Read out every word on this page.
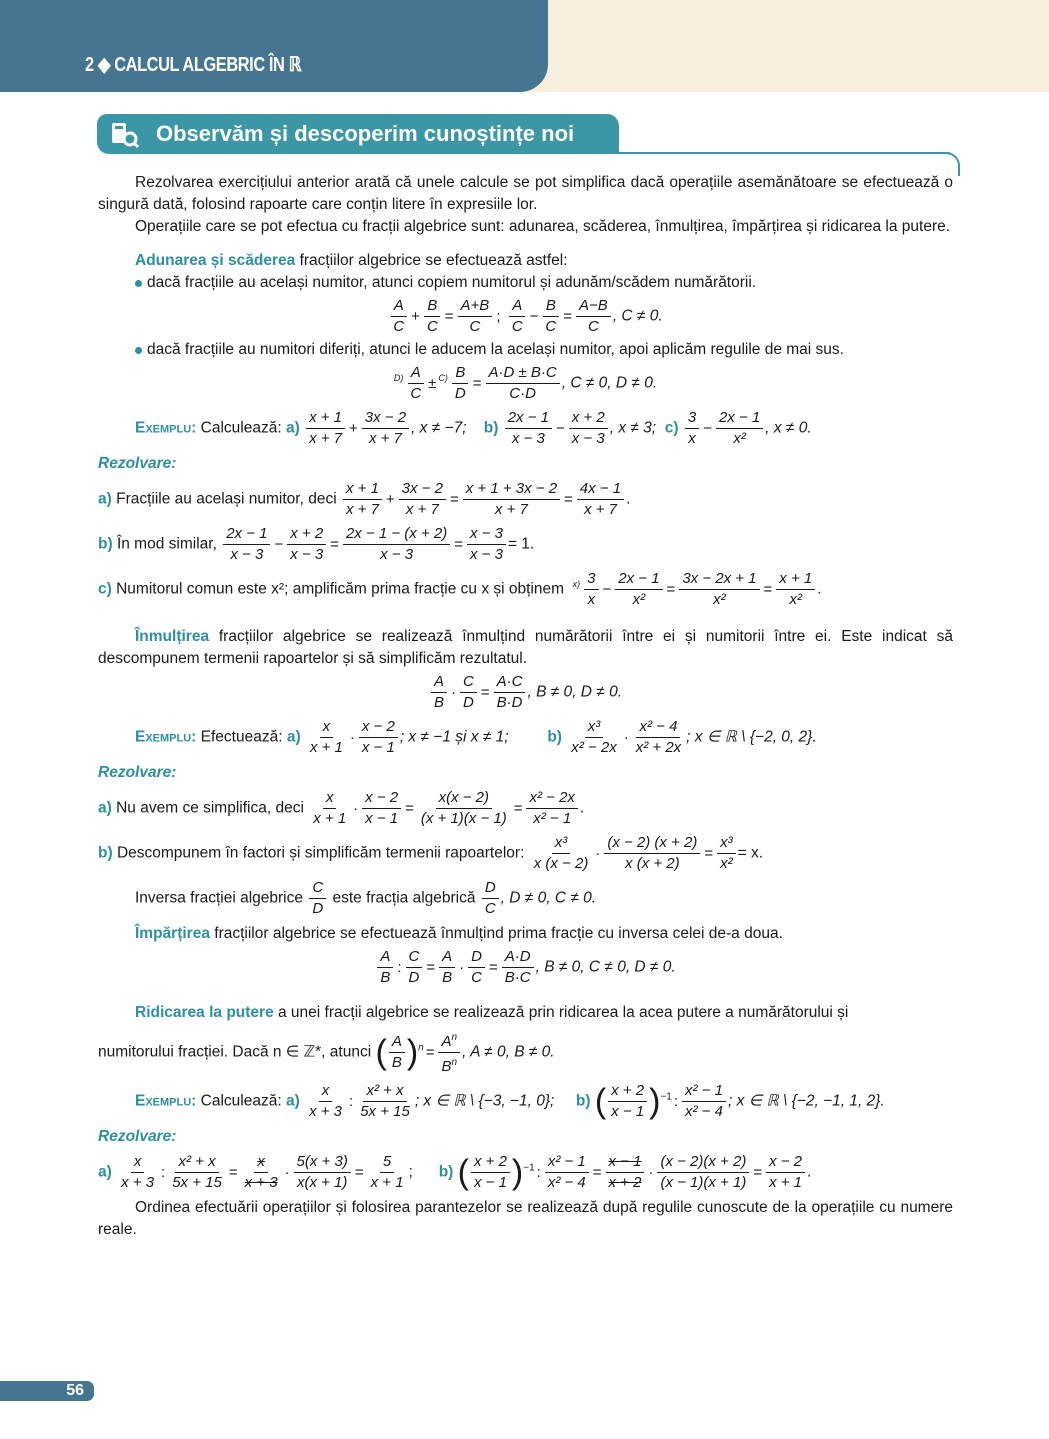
2 ◆ CALCUL ALGEBRIC ÎN ℝ
Observăm și descoperim cunoștințe noi

Rezolvarea exercițiului anterior arată că unele calcule se pot simplifica dacă operațiile asemănătoare se efectuează o singură dată, folosind rapoarte care conțin litere în expresiile lor.

Operațiile care se pot efectua cu fracții algebrice sunt: adunarea, scăderea, înmulțirea, împărțirea și ridicarea la putere.

Adunarea și scăderea fracțiilor algebrice se efectuează astfel:

dacă fracțiile au același numitor, atunci copiem numitorul și adunăm/scădem numărătorii.
$\frac{A}{C} + \frac{B}{C} = \frac{A+B}{C}$ ; $\frac{A}{C} - \frac{B}{C} = \frac{A-B}{C}$ , C ≠ 0.
dacă fracțiile au numitori diferiți, atunci le aducem la același numitor, apoi aplicăm regulile de mai sus.
$^{D)} \frac{A}{C} \pm ^{C)} \frac{B}{D} = \frac{A\cdot D \pm B\cdot C}{C\cdot D}$ , C ≠ 0, D ≠ 0.
Exemplu: Calculează: $a) \frac{x + 1}{x + 7} + \frac{3x - 2}{x + 7}$ , x ≠ −7; $b) \frac{2x - 1}{x - 3} - \frac{x + 2}{x - 3}$ , x ≠ 3; $c) \frac{3}{x} - \frac{2x - 1}{\text{x²}}$ , x ≠ 0.
Rezolvare:
a) Fracțiile au același numitor, deci $\frac{x + 1}{x + 7} + \frac{3x - 2}{x + 7} = \frac{x + 1 + 3x - 2}{x + 7} = \frac{4x - 1}{x + 7}$ .
b) În mod similar, $\frac{2x - 1}{x - 3} - \frac{x + 2}{x - 3} = \frac{2x - 1 - (x + 2)}{x - 3} = \frac{x - 3}{x - 3} = 1$.
c) Numitorul comun este x²; amplificăm prima fracție cu x și obținem $^{x)} \frac{3}{x} - \frac{2x - 1}{\text{x²}} = \frac{3x - 2x + 1}{\text{x²}} = \frac{x + 1}{\text{x²}}$ .

Înmulțirea fracțiilor algebrice se realizează înmulțind numărătorii între ei și numitorii între ei. Este indicat să descompunem termenii rapoartelor și să simplificăm rezultatul.

$\frac{A}{B} \cdot \frac{C}{D} = \frac{A\cdot C}{B\cdot D}$ , B ≠ 0, D ≠ 0.
Exemplu: Efectuează: $a) \frac{x}{x + 1} \cdot \frac{x - 2}{x - 1}$ ; x ≠ −1 și x ≠ 1;	$b) \frac{\text{x³}}{\text{x² − 2x}} \cdot \frac{\text{x² − 4}}{\text{x² + 2x}}$ ; x ∈ ℝ \ {−2, 0, 2}.
Rezolvare:
a) Nu avem ce simplifica, deci $\frac{x}{x + 1} \cdot \frac{x - 2}{x - 1} = \frac{x(x - 2)}{(x + 1)(x - 1)} = \frac{\text{x² − 2x}}{\text{x² − 1}}$ .
b) Descompunem în factori și simplificăm termenii rapoartelor: $\frac{\text{x³}}{x (x - 2)} \cdot \frac{(x - 2) (x + 2)}{x (x + 2)} = \frac{\text{x³}}{\text{x²}} = x$.
Inversa fracției algebrice $\frac{C}{D}$ este fracția algebrică $\frac{D}{C}$ , D ≠ 0, C ≠ 0.

Împărțirea fracțiilor algebrice se efectuează înmulțind prima fracție cu inversa celei de-a doua.

$\frac{A}{B}$ : $\frac{C}{D} = \frac{A}{B} \cdot \frac{D}{C} = \frac{A\cdot D}{B\cdot C}$ , B ≠ 0, C ≠ 0, D ≠ 0.

Ridicarea la putere a unei fracții algebrice se realizează prin ridicarea la acea putere a numărătorului și

numitorului fracției. Dacă n ∈ ℤ*, atunci ( $\frac{A}{B} )^n = \frac{A^n}{B^n}$ , A ≠ 0, B ≠ 0.
Exemplu: Calculează: $a) \frac{x}{x + 3}$ : $\frac{\text{x² + x}}{5x + 15}$ ; x ∈ ℝ \ {−3, −1, 0}; b) ( $\frac{x + 2}{x - 1} )^{-1}$ : $\frac{\text{x² − 1}}{\text{x² − 4}}$ ; x ∈ ℝ \ {−2, −1, 1, 2}.
Rezolvare:
$a) \frac{x}{x + 3}$ : $\frac{\text{x² + x}}{5x + 15} = \frac{x}{x + 3} \cdot \frac{5(x + 3)}{x(x + 1)} = \frac{5}{x + 1}$ ;      b) ( $\frac{x + 2}{x - 1} )^{-1}$ : $\frac{\text{x² − 1}}{\text{x² − 4}} = \frac{x - 1}{x + 2} \cdot \frac{(x - 2)(x + 2)}{(x - 1)(x + 1)} = \frac{x - 2}{x + 1}$ .

Ordinea efectuării operațiilor și folosirea parantezelor se realizează după regulile cunoscute de la operațiile cu numere reale.

56
